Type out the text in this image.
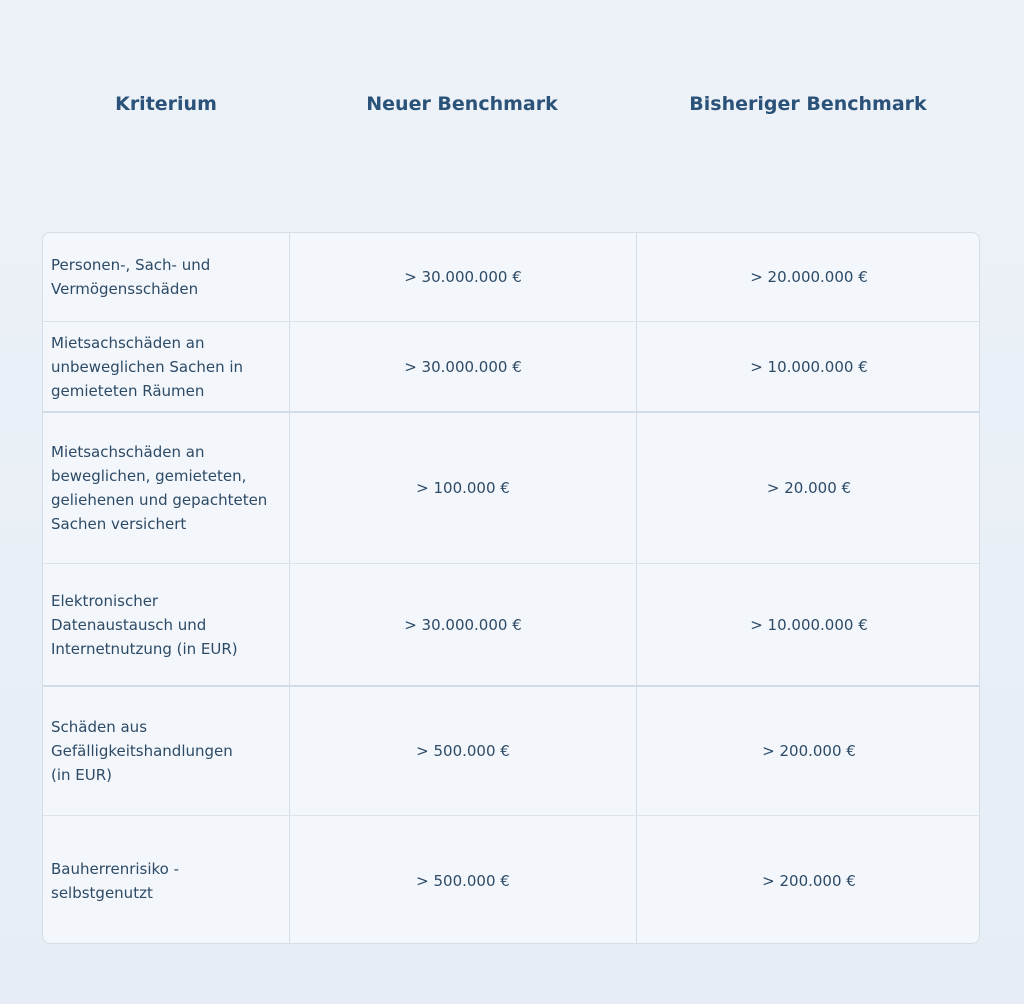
Kriterium	Neuer Benchmark	Bisheriger Benchmark
Personen-, Sach- und
Vermögensschäden
> 30.000.000 €	> 20.000.000 €
Mietsachschäden an
unbeweglichen Sachen in
gemieteten Räumen
> 30.000.000 €	> 10.000.000 €
Mietsachschäden an
beweglichen, gemieteten,
geliehenen und gepachteten
Sachen versichert
> 100.000 €	> 20.000 €
Elektronischer
Datenaustausch und
Internetnutzung (in EUR)
> 30.000.000 €	> 10.000.000 €
Schäden aus
Gefälligkeitshandlungen
(in EUR)
> 500.000 €	> 200.000 €
Bauherrenrisiko -
selbstgenutzt
> 500.000 €	> 200.000 €
